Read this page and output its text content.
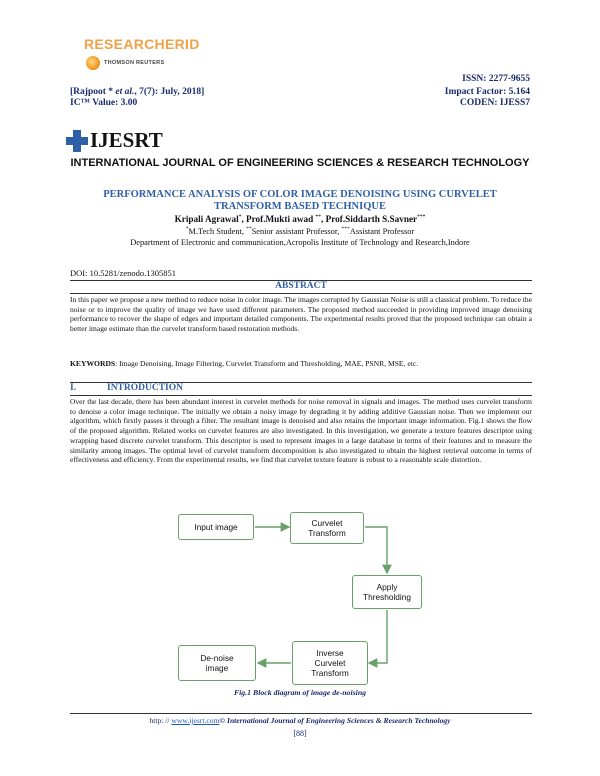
RESEARCHERID
THOMSON REUTERS
ISSN: 2277-9655
[Rajpoot * et al., 7(7): July, 2018]	Impact Factor: 5.164
IC™ Value: 3.00	CODEN: IJESS7
IJESRT
INTERNATIONAL JOURNAL OF ENGINEERING SCIENCES & RESEARCH TECHNOLOGY
PERFORMANCE ANALYSIS OF COLOR IMAGE DENOISING USING CURVELET
TRANSFORM BASED TECHNIQUE
Kripali Agrawal*, Prof.Mukti awad **, Prof.Siddarth S.Savner***
*M.Tech Student, **Senior assistant Professor, ***Assistant Professor
Department of Electronic and communication,Acropolis Institute of Technology and Research,Indore
DOI: 10.5281/zenodo.1305851
ABSTRACT
In this paper we propose a new method to reduce noise in color image. The images corrupted by Gaussian Noise is still a classical problem. To reduce the noise or to improve the quality of image we have used different parameters. The proposed method succeeded in providing improved image denoising performance to recover the shape of edges and important detailed components. The experimental results proved that the proposed technique can obtain a better image estimate than the curvelet transform based restoration methods.
KEYWORDS: Image Denoising, Image Filtering, Curvelet Transform and Thresholding, MAE, PSNR, MSE, etc.
I.	INTRODUCTION
Over the last decade, there has been abundant interest in curvelet methods for noise removal in signals and images. The method uses curvelet transform to denoise a color image technique. The initially we obtain a noisy image by degrading it by adding additive Gaussian noise. Then we implement our algorithm, which firstly passes it through a filter. The resultant image is denoised and also retains the important image information. Fig.1 shows the flow of the proposed algorithm. Related works on curvelet features are also investigated. In this investigation, we generate a texture features descriptor using wrapping based discrete curvelet transform. This descriptor is used to represent images in a large database in terms of their features and to measure the similarity among images. The optimal level of curvelet transform decomposition is also investigated to obtain the highest retrieval outcome in terms of effectiveness and efficiency. From the experimental results, we find that curvelet texture feature is robust to a reasonable scale distortion.
Input image	Curvelet
Transform
Apply
Thresholding
Inverse
Curvelet
Transform
De-noise
image
Fig.1 Block diagram of image de-noising
http: // www.ijesrt.com© International Journal of Engineering Sciences & Research Technology
[88]
